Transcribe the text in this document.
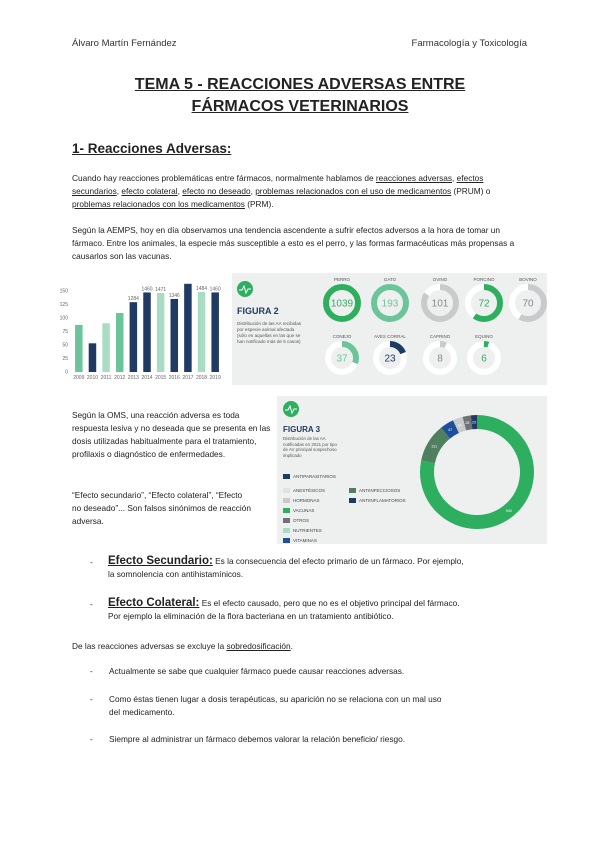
Álvaro Martín Fernández	Farmacología y Toxicología
TEMA 5 - REACCIONES ADVERSAS ENTRE
FÁRMACOS VETERINARIOS
1- Reacciones Adversas:
Cuando hay reacciones problemáticas entre fármacos, normalmente hablamos de reacciones adversas, efectos secundarios, efecto colateral, efecto no deseado, problemas relacionados con el uso de medicamentos (PRUM) o problemas relacionados con los medicamentos (PRM).
Según la AEMPS, hoy en día observamos una tendencia ascendente a sufrir efectos adversos a la hora de tomar un fármaco. Entre los animales, la especie más susceptible a esto es el perro, y las formas farmacéuticas más propensas a causarlos son las vacunas.
0
50
100
150
25
75
125
2009 2010 2011 2012
1284
2013
1460
2014
1471
2015
1346
2016 2017
1484
2018
1460
2019
FIGURA 2
Distribución de las AA recibidas por especie animal afectada (sólo en aquellas en las que se han notificado más de 5 casos)
PERRO
1039
GATO
193
OVINO
101
PORCINO
72
BOVINO
70
CONEJO
37
AVES CORRAL
23
CAPRINO
8
EQUINO
6
Según la OMS, una reacción adversa es toda respuesta lesiva y no deseada que se presenta en las dosis utilizadas habitualmente para el tratamiento, profilaxis o diagnóstico de enfermedades.
“Efecto secundario”, “Efecto colateral”, “Efecto no deseado”... Son falsos sinónimos de reacción adversa.
FIGURA 3
Distribución de las AA notificadas en 2021 por tipo de AV principal sospechoso implicado
ANTIPARASITARIOS
ANESTÉSICOS	ANTIINFECCIOSOS
HORMONAS	ANTIINFLAMATORIOS
VACUNAS
OTROS
NUTRIENTES
VITAMINAS
940
131
47
34
28 23
- Efecto Secundario: Es la consecuencia del efecto primario de un fármaco. Por ejemplo,
la somnolencia con antihistamínicos.
- Efecto Colateral: Es el efecto causado, pero que no es el objetivo principal del fármaco.
Por ejemplo la eliminación de la flora bacteriana en un tratamiento antibiótico.
De las reacciones adversas se excluye la sobredosificación.
- Actualmente se sabe que cualquier fármaco puede causar reacciones adversas.
- Como éstas tienen lugar a dosis terapéuticas, su aparición no se relaciona con un mal uso
del medicamento.
- Siempre al administrar un fármaco debemos valorar la relación beneficio/ riesgo.
